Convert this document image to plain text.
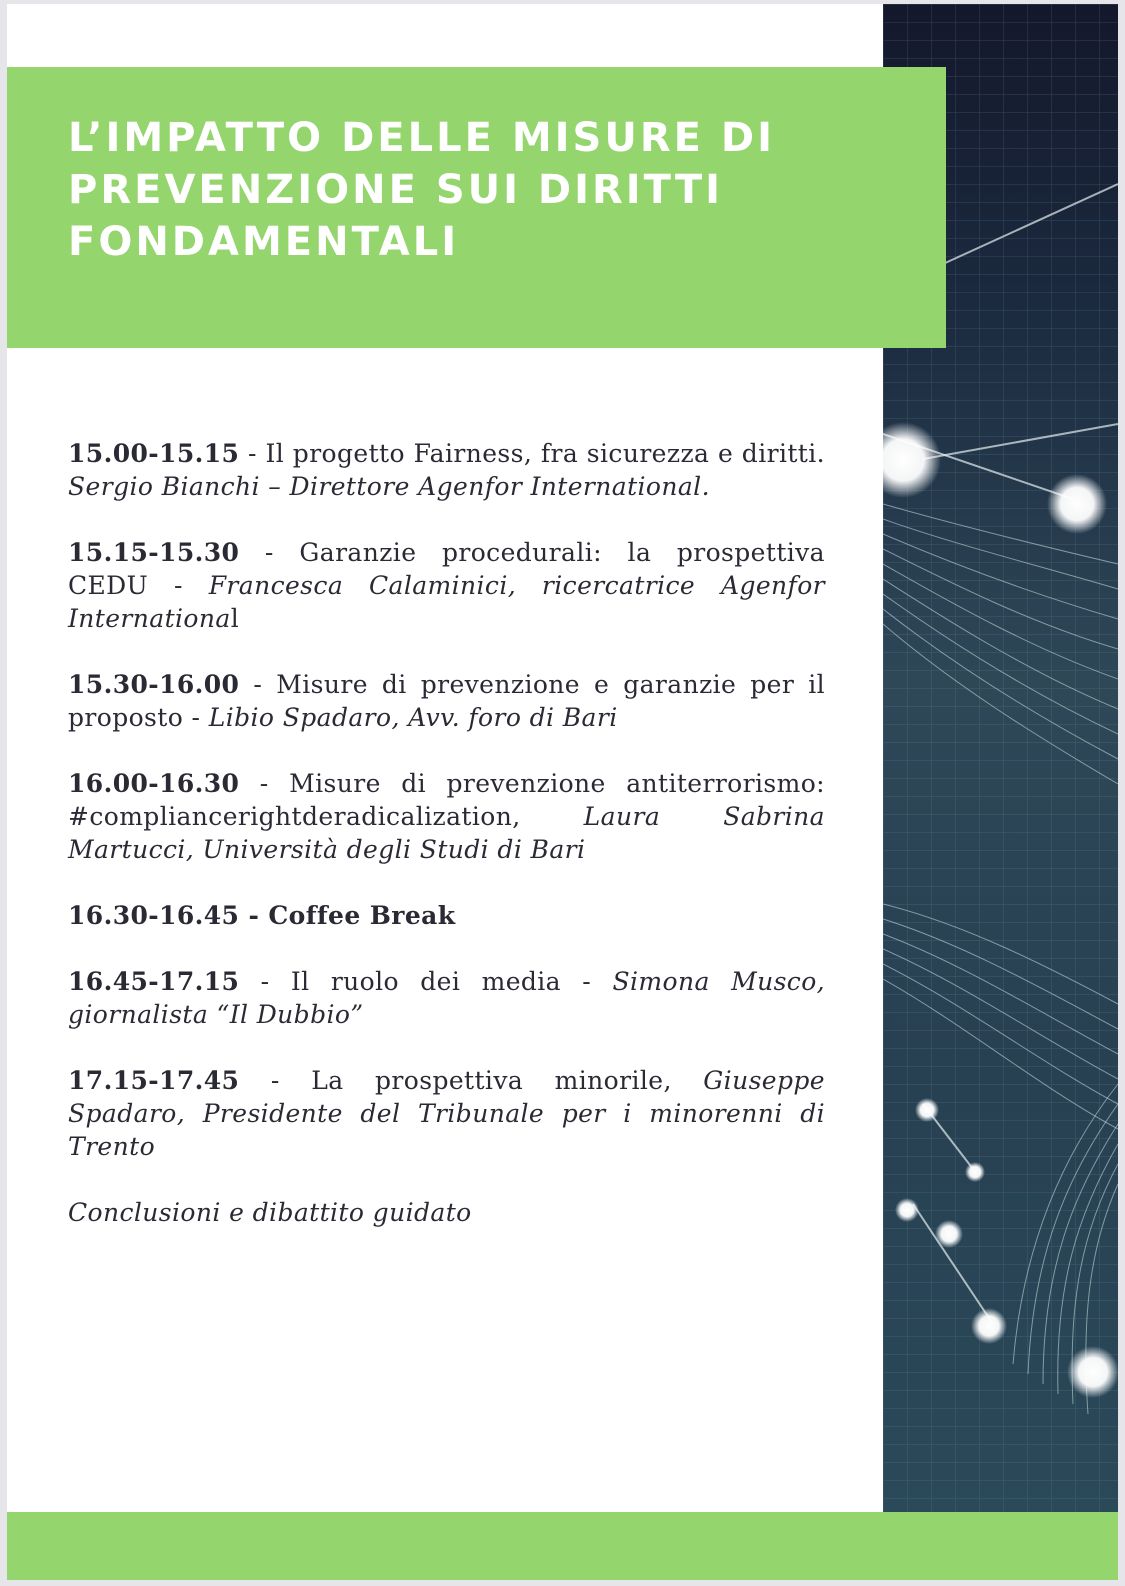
L’IMPATTO DELLE MISURE DI PREVENZIONE SUI DIRITTI FONDAMENTALI

15.00-15.15 - Il progetto Fairness, fra sicurezza e diritti. Sergio Bianchi – Direttore Agenfor International.

15.15-15.30 - Garanzie procedurali: la prospettiva CEDU - Francesca Calaminici, ricercatrice Agenfor International

15.30-16.00 - Misure di prevenzione e garanzie per il proposto - Libio Spadaro, Avv. foro di Bari

16.00-16.30 - Misure di prevenzione antiterrorismo: #compliancerightderadicalization, Laura Sabrina Martucci, Università degli Studi di Bari

16.30-16.45 - Coffee Break

16.45-17.15 - Il ruolo dei media - Simona Musco, giornalista “Il Dubbio”

17.15-17.45 - La prospettiva minorile, Giuseppe Spadaro, Presidente del Tribunale per i minorenni di Trento

Conclusioni e dibattito guidato
